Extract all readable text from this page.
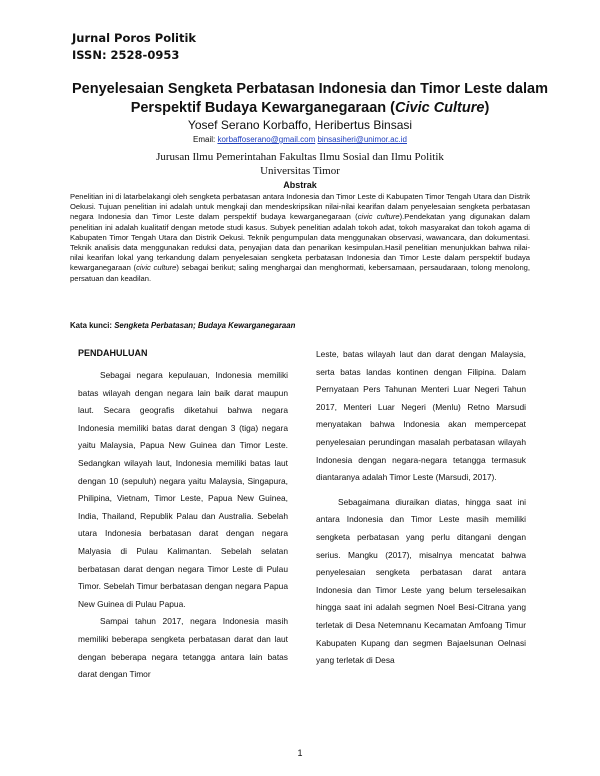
Jurnal Poros Politik
ISSN: 2528-0953
Penyelesaian Sengketa Perbatasan Indonesia dan Timor Leste dalam Perspektif Budaya Kewarganegaraan (Civic Culture)
Yosef Serano Korbaffo, Heribertus Binsasi
Email: korbaffoserano@gmail.com binsasiheri@unimor.ac.id
Jurusan Ilmu Pemerintahan Fakultas Ilmu Sosial dan Ilmu Politik
Universitas Timor
Abstrak

Penelitian ini di latarbelakangi oleh sengketa perbatasan antara Indonesia dan Timor Leste di Kabupaten Timor Tengah Utara dan Distrik Oekusi. Tujuan penelitian ini adalah untuk mengkaji dan mendeskripsikan nilai-nilai kearifan dalam penyelesaian sengketa perbatasan negara Indonesia dan Timor Leste dalam perspektif budaya kewarganegaraan (civic culture).Pendekatan yang digunakan dalam penelitian ini adalah kualitatif dengan metode studi kasus. Subyek penelitian adalah tokoh adat, tokoh masyarakat dan tokoh agama di Kabupaten Timor Tengah Utara dan Distrik Oekusi. Teknik pengumpulan data menggunakan observasi, wawancara, dan dokumentasi. Teknik analisis data menggunakan reduksi data, penyajian data dan penarikan kesimpulan.Hasil penelitian menunjukkan bahwa nilai-nilai kearifan lokal yang terkandung dalam penyelesaian sengketa perbatasan Indonesia dan Timor Leste dalam perspektif budaya kewarganegaraan (civic culture) sebagai berikut; saling menghargai dan menghormati, kebersamaan, persaudaraan, tolong menolong, persatuan dan keadilan.

Kata kunci: Sengketa Perbatasan; Budaya Kewarganegaraan

PENDAHULUAN

Sebagai negara kepulauan, Indonesia memiliki batas wilayah dengan negara lain baik darat maupun laut. Secara geografis diketahui bahwa negara Indonesia memiliki batas darat dengan 3 (tiga) negara yaitu Malaysia, Papua New Guinea dan Timor Leste. Sedangkan wilayah laut, Indonesia memiliki batas laut dengan 10 (sepuluh) negara yaitu Malaysia, Singapura, Philipina, Vietnam, Timor Leste, Papua New Guinea, India, Thailand, Republik Palau dan Australia. Sebelah utara Indonesia berbatasan darat dengan negara Malyasia di Pulau Kalimantan. Sebelah selatan berbatasan darat dengan negara Timor Leste di Pulau Timor. Sebelah Timur berbatasan dengan negara Papua New Guinea di Pulau Papua.

Sampai tahun 2017, negara Indonesia masih memiliki beberapa sengketa perbatasan darat dan laut dengan beberapa negara tetangga antara lain batas darat dengan Timor

Leste, batas wilayah laut dan darat dengan Malaysia, serta batas landas kontinen dengan Filipina. Dalam Pernyataan Pers Tahunan Menteri Luar Negeri Tahun 2017, Menteri Luar Negeri (Menlu) Retno Marsudi menyatakan bahwa Indonesia akan mempercepat penyelesaian perundingan masalah perbatasan wilayah Indonesia dengan negara-negara tetangga termasuk diantaranya adalah Timor Leste (Marsudi, 2017).

Sebagaimana diuraikan diatas, hingga saat ini antara Indonesia dan Timor Leste masih memiliki sengketa perbatasan yang perlu ditangani dengan serius. Mangku (2017), misalnya mencatat bahwa penyelesaian sengketa perbatasan darat antara Indonesia dan Timor Leste yang belum terselesaikan hingga saat ini adalah segmen Noel Besi-Citrana yang terletak di Desa Netemnanu Kecamatan Amfoang Timur Kabupaten Kupang dan segmen Bajaelsunan Oelnasi yang terletak di Desa

1
